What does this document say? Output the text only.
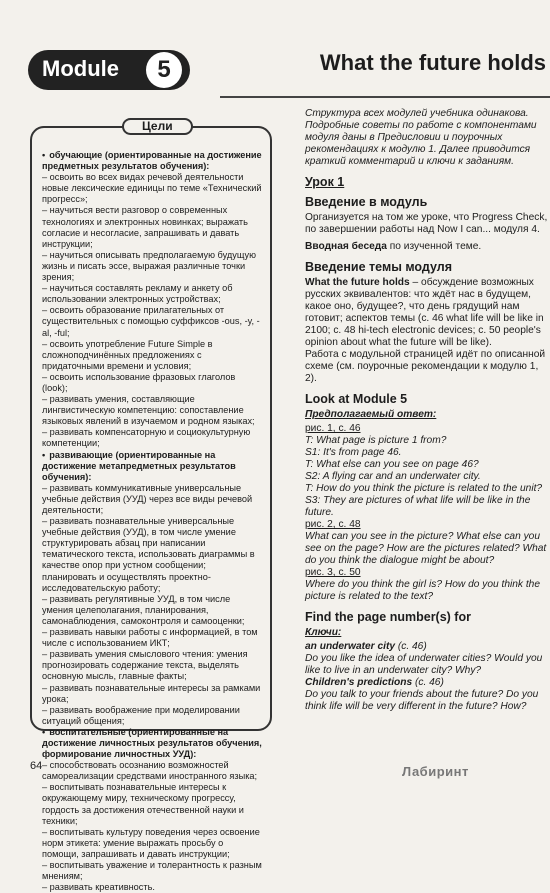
Module	5	What the future holds
Цели

• обучающие (ориентированные на достижение предметных результатов обучения):

– освоить во всех видах речевой деятельности новые лексические единицы по теме «Технический прогресс»;

– научиться вести разговор о современных технологиях и электронных новинках; выражать согласие и несогласие, запрашивать и давать инструкции;

– научиться описывать предполагаемую будущую жизнь и писать эссе, выражая различные точки зрения;

– научиться составлять рекламу и анкету об использовании электронных устройствах;

– освоить образование прилагательных от существительных с помощью суффиксов -ous, -y, -al, -ful;

– освоить употребление Future Simple в сложноподчинённых предложениях с придаточными времени и условия;

– освоить использование фразовых глаголов (look);

– развивать умения, составляющие лингвистическую компетенцию: сопоставление языковых явлений в изучаемом и родном языках;

– развивать компенсаторную и социокультурную компетенции;

• развивающие (ориентированные на достижение метапредметных результатов обучения):

– развивать коммуникативные универсальные учебные действия (УУД) через все виды речевой деятельности;

– развивать познавательные универсальные учебные действия (УУД), в том числе умение структурировать абзац при написании тематического текста, использовать диаграммы в качестве опор при устном сообщении; планировать и осуществлять проектно-исследовательскую работу;

– развивать регулятивные УУД, в том числе умения целеполагания, планирования, самонаблюдения, самоконтроля и самооценки;

– развивать навыки работы с информацией, в том числе с использованием ИКТ;

– развивать умения смыслового чтения: умения прогнозировать содержание текста, выделять основную мысль, главные факты;

– развивать познавательные интересы за рамками урока;

– развивать воображение при моделировании ситуаций общения;

• воспитательные (ориентированные на достижение личностных результатов обучения, формирование личностных УУД):

– способствовать осознанию возможностей самореализации средствами иностранного языка;

– воспитывать познавательные интересы к окружающему миру, техническому прогрессу, гордость за достижения отечественной науки и техники;

– воспитывать культуру поведения через освоение норм этикета: умение выражать просьбу о помощи, запрашивать и давать инструкции;

– воспитывать уважение и толерантность к разным мнениям;

– развивать креативность.

Структура всех модулей учебника одинакова. Подробные советы по работе с компонентами модуля даны в Предисловии и поурочных рекомендациях к модулю 1. Далее приводится краткий комментарий и ключи к заданиям.

Урок 1

Введение в модуль

Организуется на том же уроке, что Progress Check, по завершении работы над Now I can... модуля 4.

Вводная беседа по изученной теме.

Введение темы модуля

What the future holds – обсуждение возможных русских эквивалентов: что ждёт нас в будущем, какое оно, будущее?, что день грядущий нам готовит; аспектов темы (с. 46 what life will be like in 2100; с. 48 hi-tech electronic devices; с. 50 people's opinion about what the future will be like).

Работа с модульной страницей идёт по описанной схеме (см. поурочные рекомендации к модулю 1, 2).

Look at Module 5

Предполагаемый ответ:

рис. 1, с. 46

T: What page is picture 1 from?

S1: It's from page 46.

T: What else can you see on page 46?

S2: A flying car and an underwater city.

T: How do you think the picture is related to the unit?

S3: They are pictures of what life will be like in the future.

рис. 2, с. 48

What can you see in the picture? What else can you see on the page? How are the pictures related? What do you think the dialogue might be about?

рис. 3, с. 50

Where do you think the girl is? How do you think the picture is related to the text?

Find the page number(s) for

Ключи:

an underwater city (с. 46)

Do you like the idea of underwater cities? Would you like to live in an underwater city? Why?

Children's predictions (с. 46)

Do you talk to your friends about the future? Do you think life will be very different in the future? How?

64	Лабиринт
